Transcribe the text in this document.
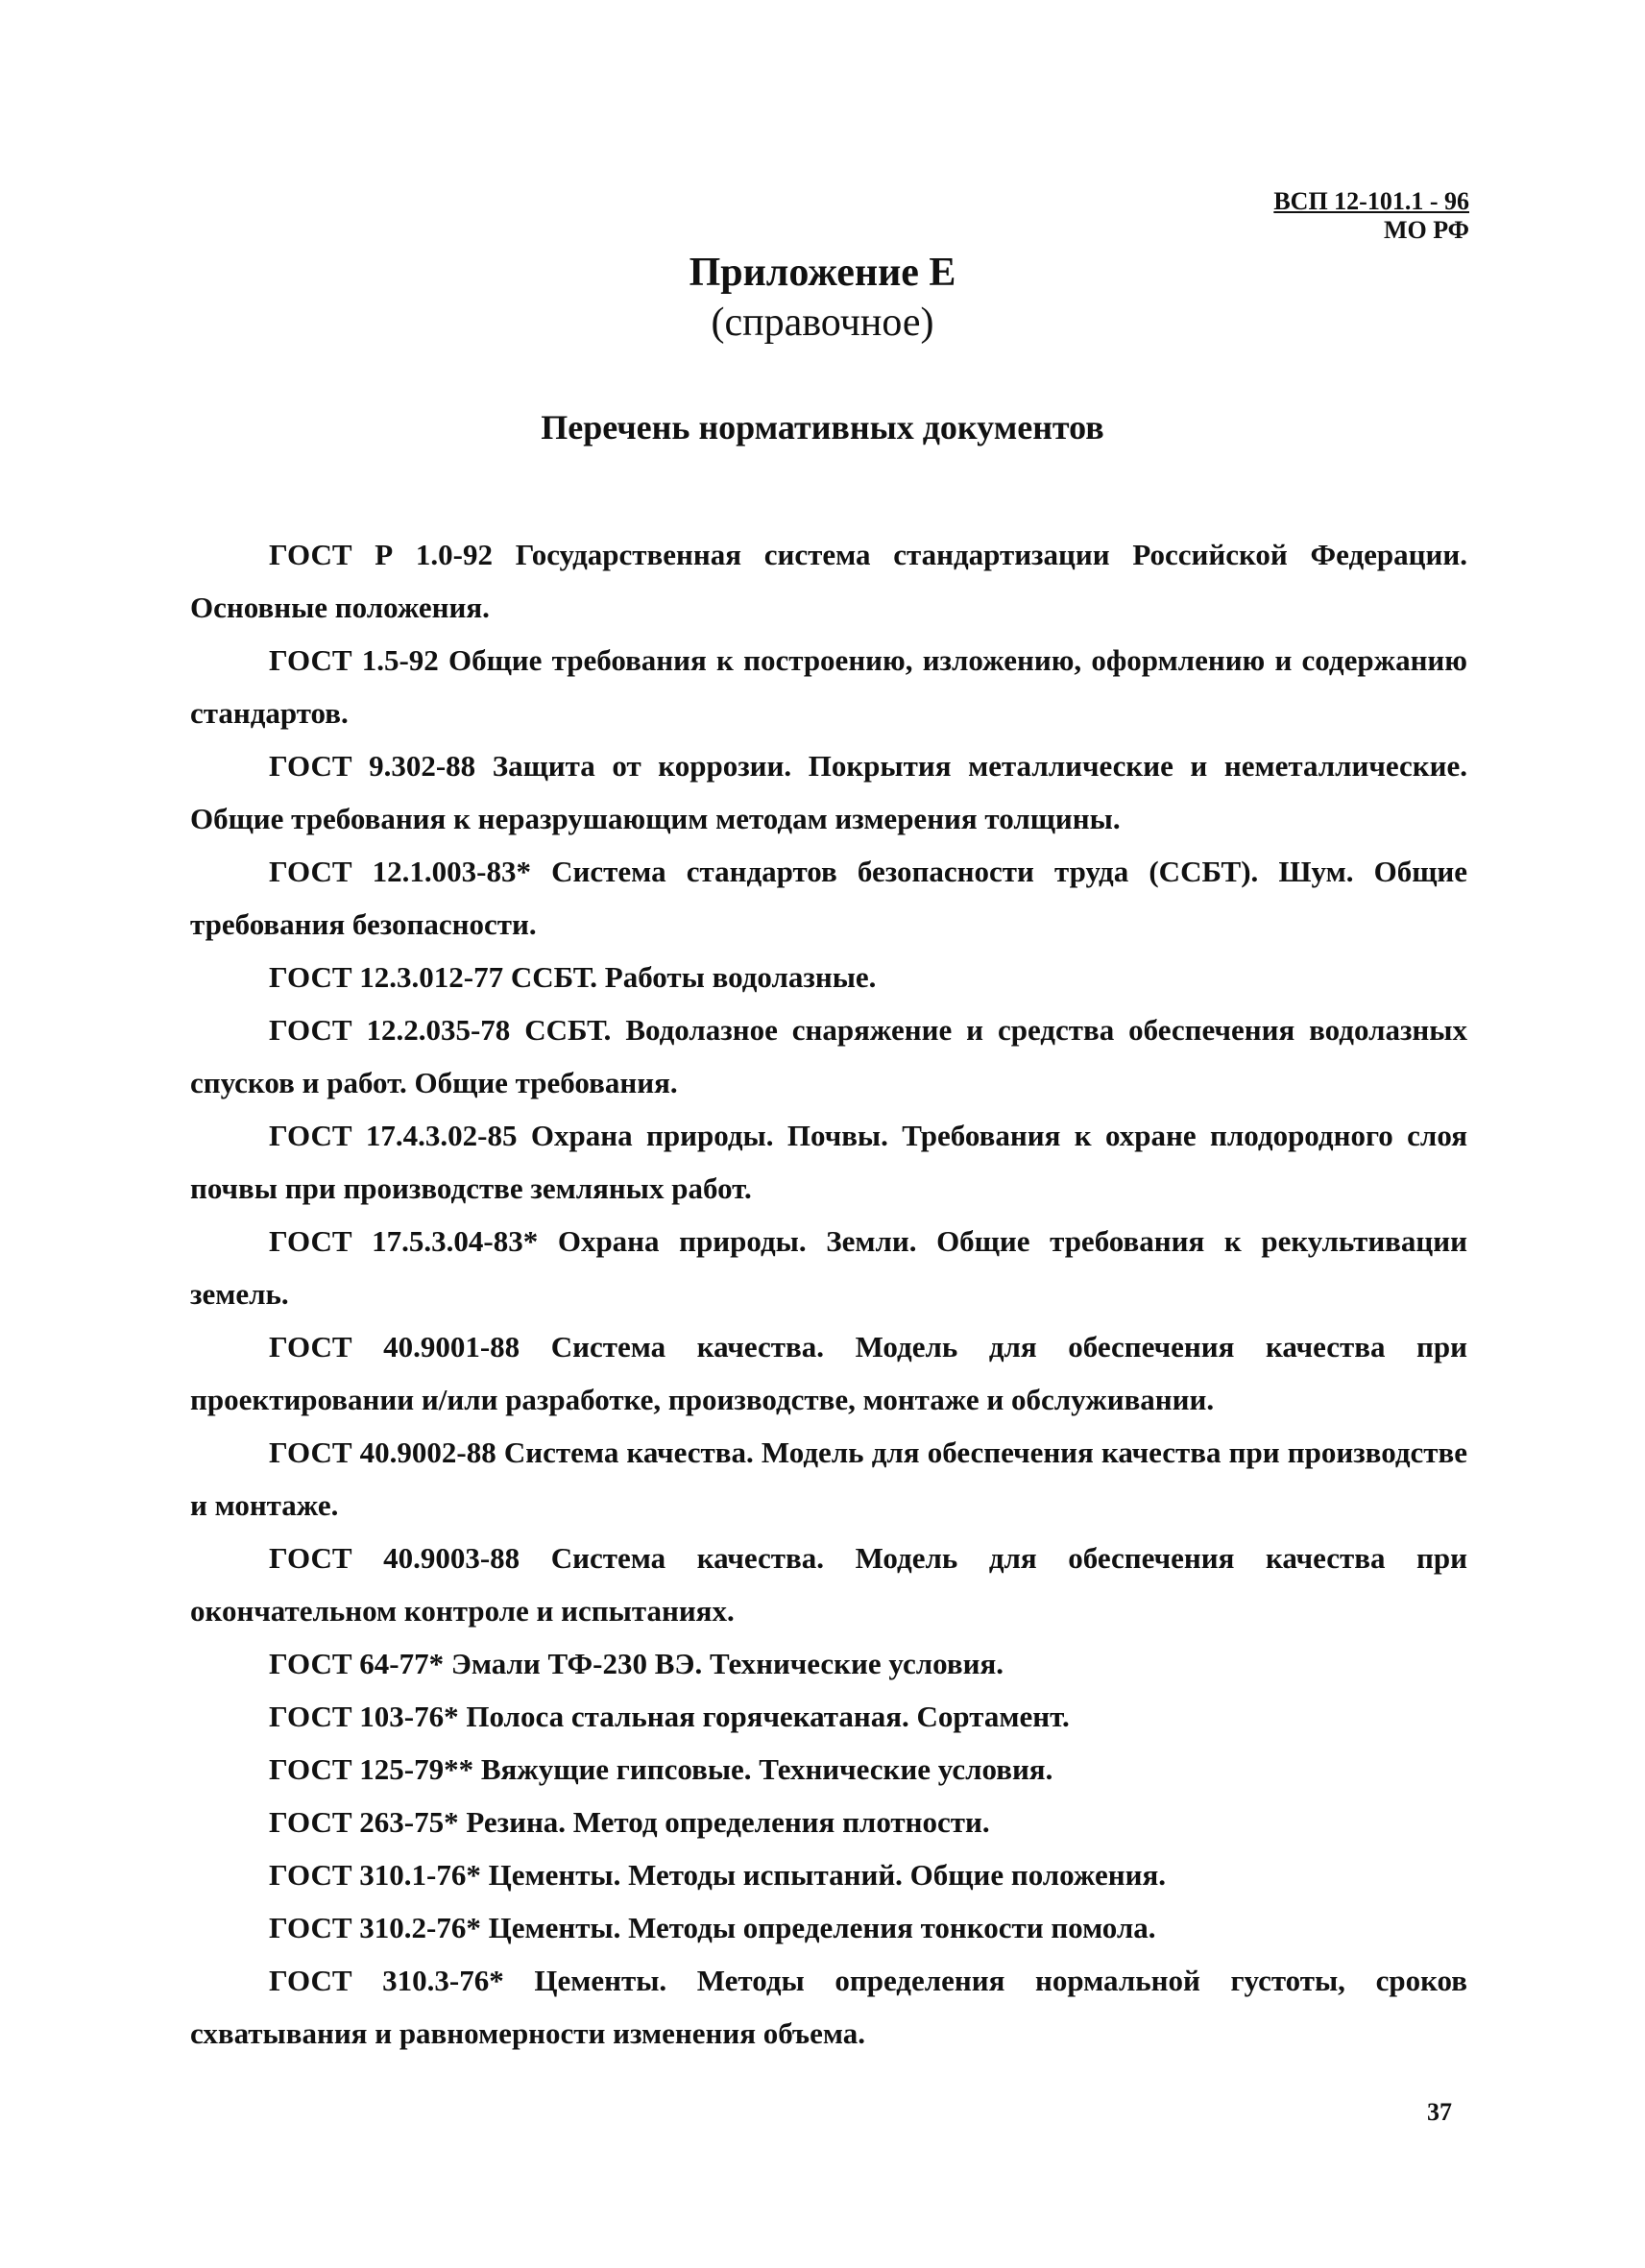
ВСП 12-101.1 - 96
МО РФ
Приложение Е
(справочное)
Перечень нормативных документов

ГОСТ Р 1.0-92 Государственная система стандартизации Российской Федерации. Основные положения.

ГОСТ 1.5-92 Общие требования к построению, изложению, оформлению и содержанию стандартов.

ГОСТ 9.302-88 Защита от коррозии. Покрытия металлические и неметаллические. Общие требования к неразрушающим методам измерения толщины.

ГОСТ 12.1.003-83* Система стандартов безопасности труда (ССБТ). Шум. Общие требования безопасности.

ГОСТ 12.3.012-77 ССБТ. Работы водолазные.

ГОСТ 12.2.035-78 ССБТ. Водолазное снаряжение и средства обеспечения водолазных спусков и работ. Общие требования.

ГОСТ 17.4.3.02-85 Охрана природы. Почвы. Требования к охране плодородного слоя почвы при производстве земляных работ.

ГОСТ 17.5.3.04-83* Охрана природы. Земли. Общие требования к рекультивации земель.

ГОСТ 40.9001-88 Система качества. Модель для обеспечения качества при проектировании и/или разработке, производстве, монтаже и обслуживании.

ГОСТ 40.9002-88 Система качества. Модель для обеспечения качества при производстве и монтаже.

ГОСТ 40.9003-88 Система качества. Модель для обеспечения качества при окончательном контроле и испытаниях.

ГОСТ 64-77* Эмали ТФ-230 ВЭ. Технические условия.

ГОСТ 103-76* Полоса стальная горячекатаная. Сортамент.

ГОСТ 125-79** Вяжущие гипсовые. Технические условия.

ГОСТ 263-75* Резина. Метод определения плотности.

ГОСТ 310.1-76* Цементы. Методы испытаний. Общие положения.

ГОСТ 310.2-76* Цементы. Методы определения тонкости помола.

ГОСТ 310.3-76* Цементы. Методы определения нормальной густоты, сроков схватывания и равномерности изменения объема.

37
